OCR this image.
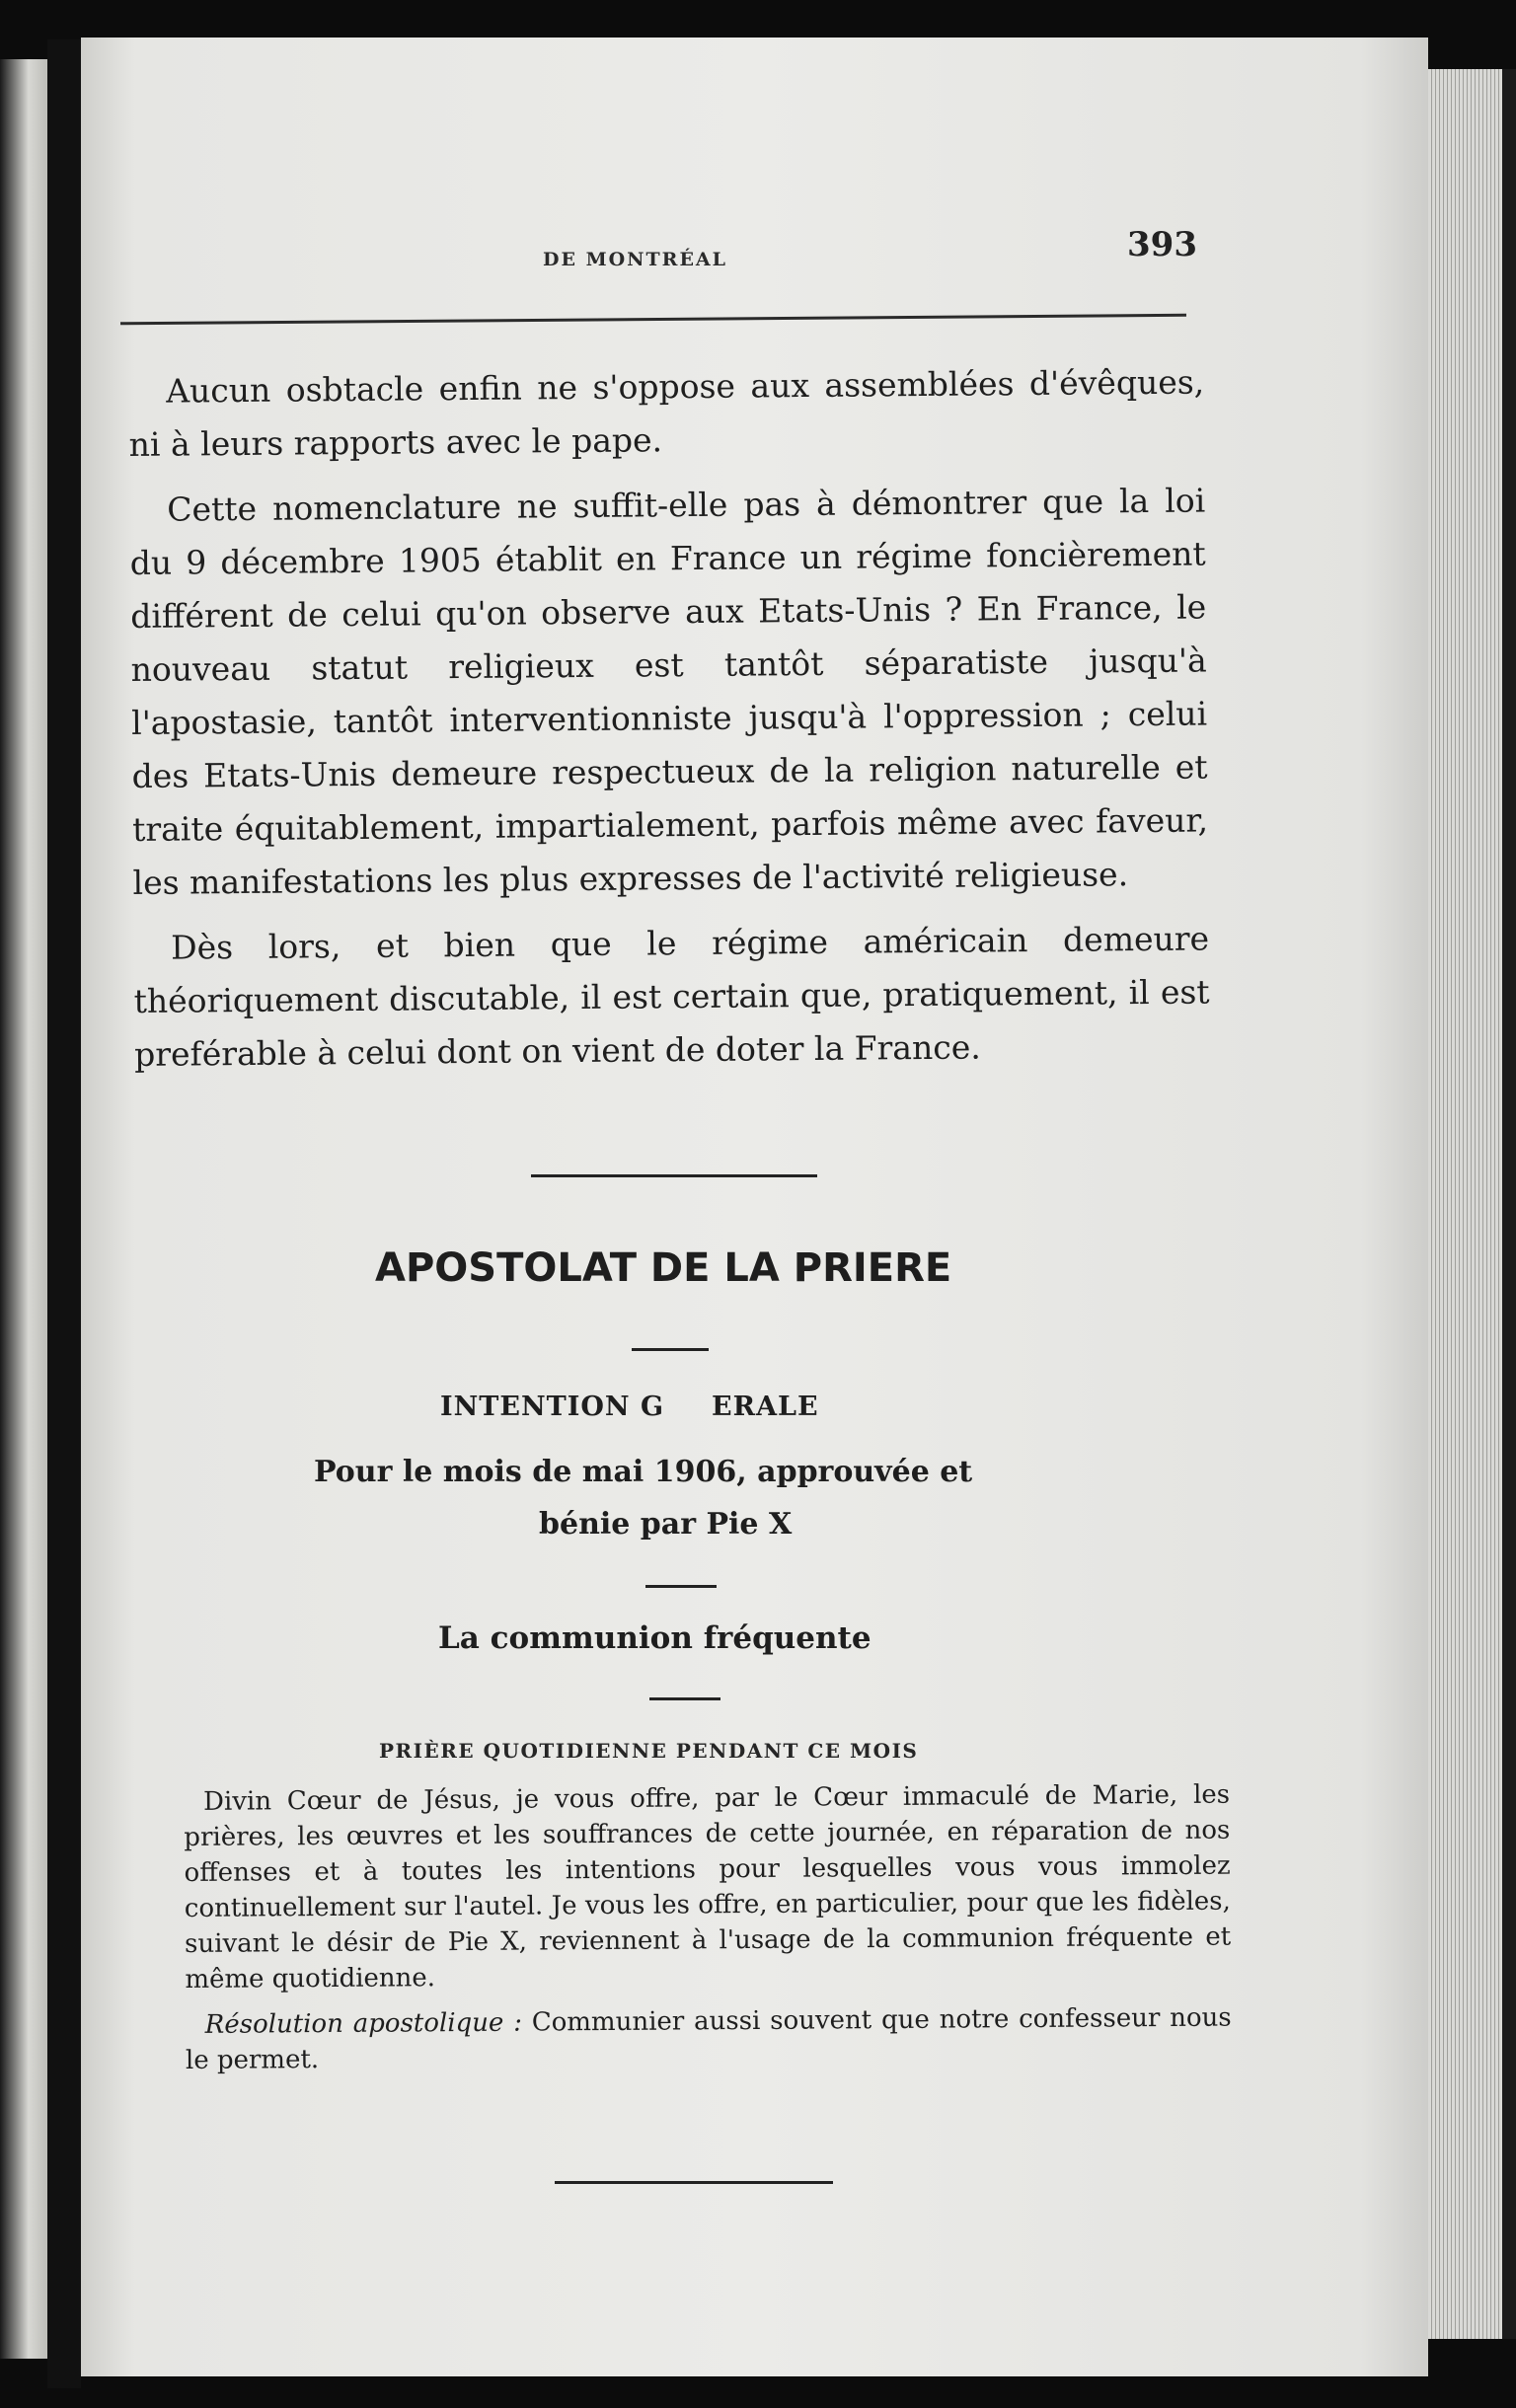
DE MONTRÉAL	393

Aucun osbtacle enfin ne s'oppose aux assemblées d'évêques, ni à leurs rapports avec le pape.

Cette nomenclature ne suffit-elle pas à démontrer que la loi du 9 décembre 1905 établit en France un régime foncièrement différent de celui qu'on observe aux Etats-Unis ? En France, le nouveau statut religieux est tantôt séparatiste jusqu'à l'apostasie, tantôt interventionniste jusqu'à l'oppression ; celui des Etats-Unis demeure respectueux de la religion naturelle et traite équitablement, impartialement, parfois même avec faveur, les manifestations les plus expresses de l'activité religieuse.

Dès lors, et bien que le régime américain demeure théoriquement discutable, il est certain que, pratiquement, il est preférable à celui dont on vient de doter la France.

APOSTOLAT DE LA PRIERE
INTENTION G ERALE
Pour le mois de mai 1906, approuvée et
bénie par Pie X
La communion fréquente
PRIÈRE QUOTIDIENNE PENDANT CE MOIS

Divin Cœur de Jésus, je vous offre, par le Cœur immaculé de Marie, les prières, les œuvres et les souffrances de cette journée, en réparation de nos offenses et à toutes les intentions pour lesquelles vous vous immolez continuellement sur l'autel. Je vous les offre, en particulier, pour que les fidèles, suivant le désir de Pie X, reviennent à l'usage de la communion fréquente et même quotidienne.

Résolution apostolique : Communier aussi souvent que notre confesseur nous le permet.
